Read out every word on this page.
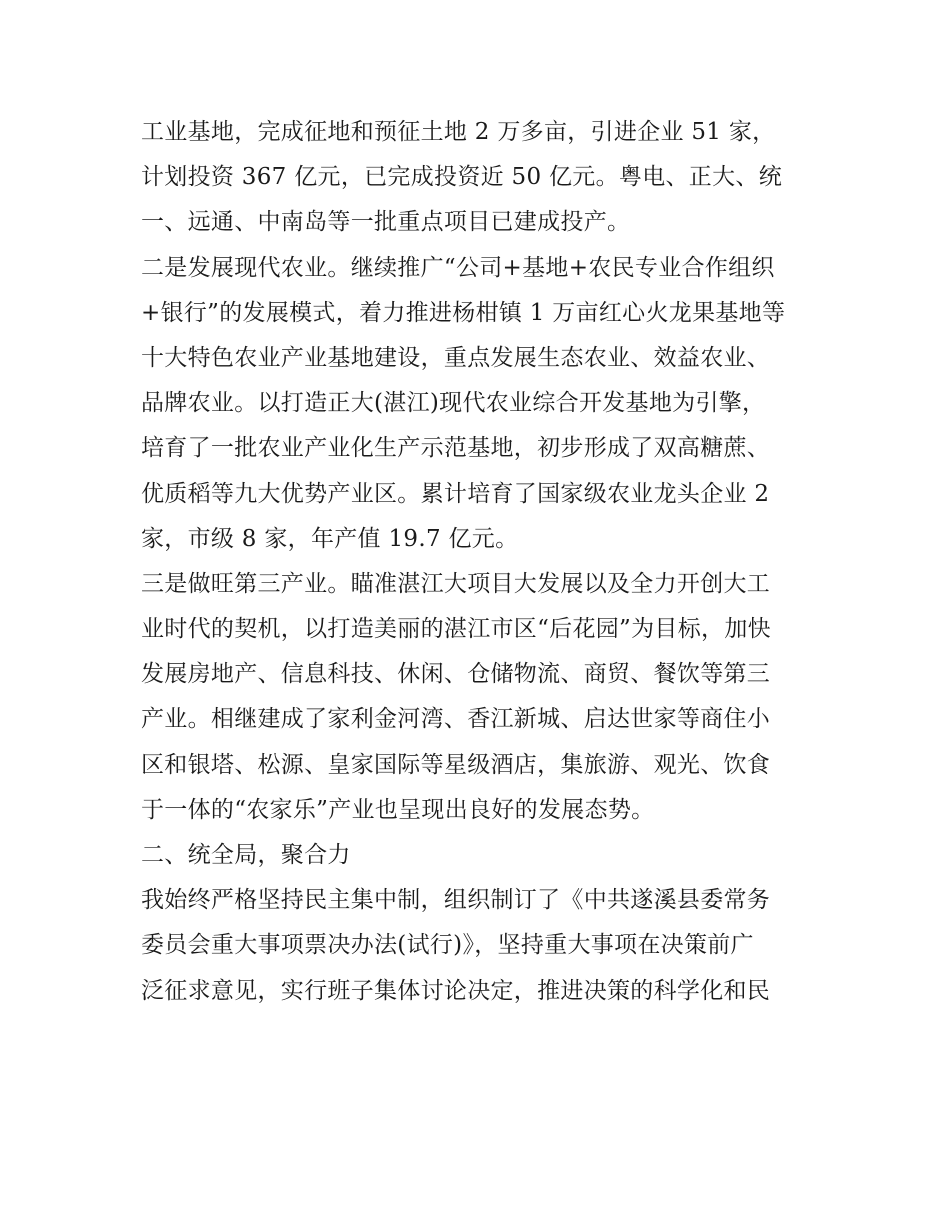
工业基地，完成征地和预征土地 2 万多亩，引进企业 51 家，
计划投资 367 亿元，已完成投资近 50 亿元。粤电、正大、统
一、远通、中南岛等一批重点项目已建成投产。
二是发展现代农业。继续推广“公司+基地+农民专业合作组织
+银行”的发展模式，着力推进杨柑镇 1 万亩红心火龙果基地等
十大特色农业产业基地建设，重点发展生态农业、效益农业、
品牌农业。以打造正大(湛江)现代农业综合开发基地为引擎，
培育了一批农业产业化生产示范基地，初步形成了双高糖蔗、
优质稻等九大优势产业区。累计培育了国家级农业龙头企业 2
家，市级 8 家，年产值 19.7 亿元。
三是做旺第三产业。瞄准湛江大项目大发展以及全力开创大工
业时代的契机，以打造美丽的湛江市区“后花园”为目标，加快
发展房地产、信息科技、休闲、仓储物流、商贸、餐饮等第三
产业。相继建成了家利金河湾、香江新城、启达世家等商住小
区和银塔、松源、皇家国际等星级酒店，集旅游、观光、饮食
于一体的“农家乐”产业也呈现出良好的发展态势。
二、统全局，聚合力
我始终严格坚持民主集中制，组织制订了《中共遂溪县委常务
委员会重大事项票决办法(试行)》，坚持重大事项在决策前广
泛征求意见，实行班子集体讨论决定，推进决策的科学化和民
